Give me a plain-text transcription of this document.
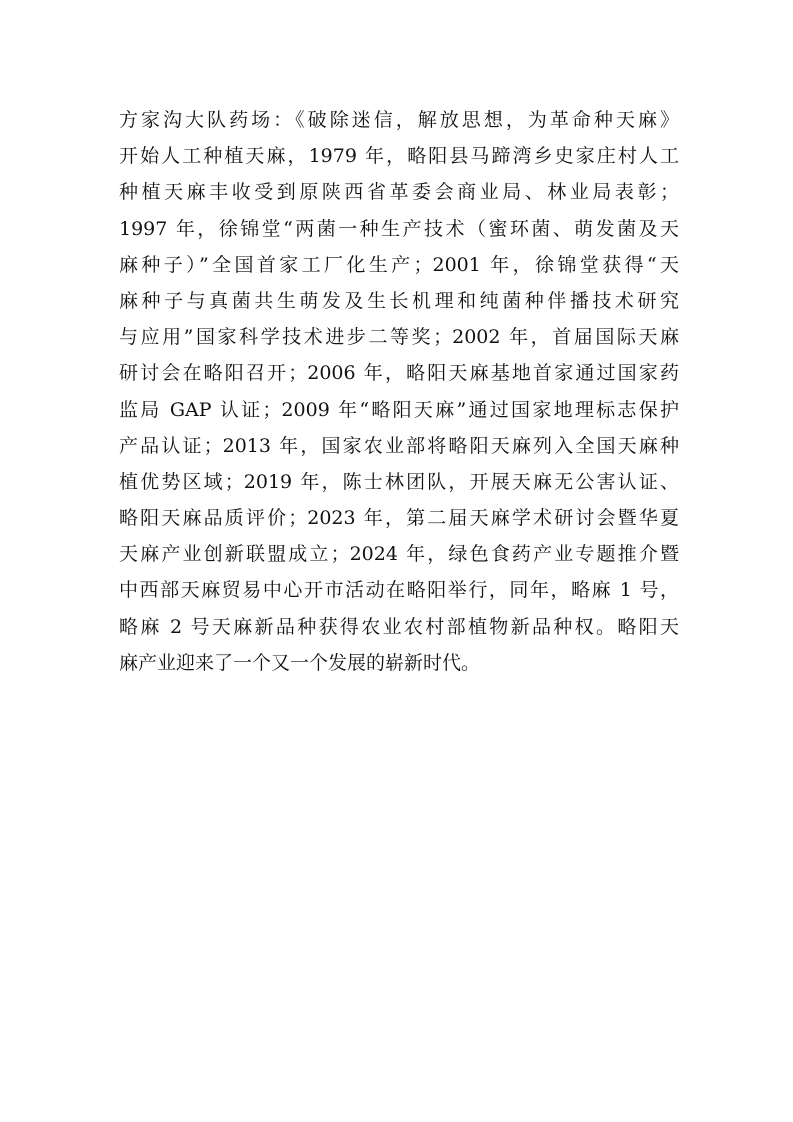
方家沟大队药场：《破除迷信，解放思想，为革命种天麻》
开始人工种植天麻，1979 年，略阳县马蹄湾乡史家庄村人工
种植天麻丰收受到原陕西省革委会商业局、林业局表彰；
1997 年，徐锦堂“两菌一种生产技术（蜜环菌、萌发菌及天
麻种子）”全国首家工厂化生产；2001 年，徐锦堂获得“天
麻种子与真菌共生萌发及生长机理和纯菌种伴播技术研究
与应用”国家科学技术进步二等奖；2002 年，首届国际天麻
研讨会在略阳召开；2006 年，略阳天麻基地首家通过国家药
监局 GAP 认证；2009 年“略阳天麻”通过国家地理标志保护
产品认证；2013 年，国家农业部将略阳天麻列入全国天麻种
植优势区域；2019 年，陈士林团队，开展天麻无公害认证、
略阳天麻品质评价；2023 年，第二届天麻学术研讨会暨华夏
天麻产业创新联盟成立；2024 年，绿色食药产业专题推介暨
中西部天麻贸易中心开市活动在略阳举行，同年，略麻 1 号，
略麻 2 号天麻新品种获得农业农村部植物新品种权。略阳天
麻产业迎来了一个又一个发展的崭新时代。
